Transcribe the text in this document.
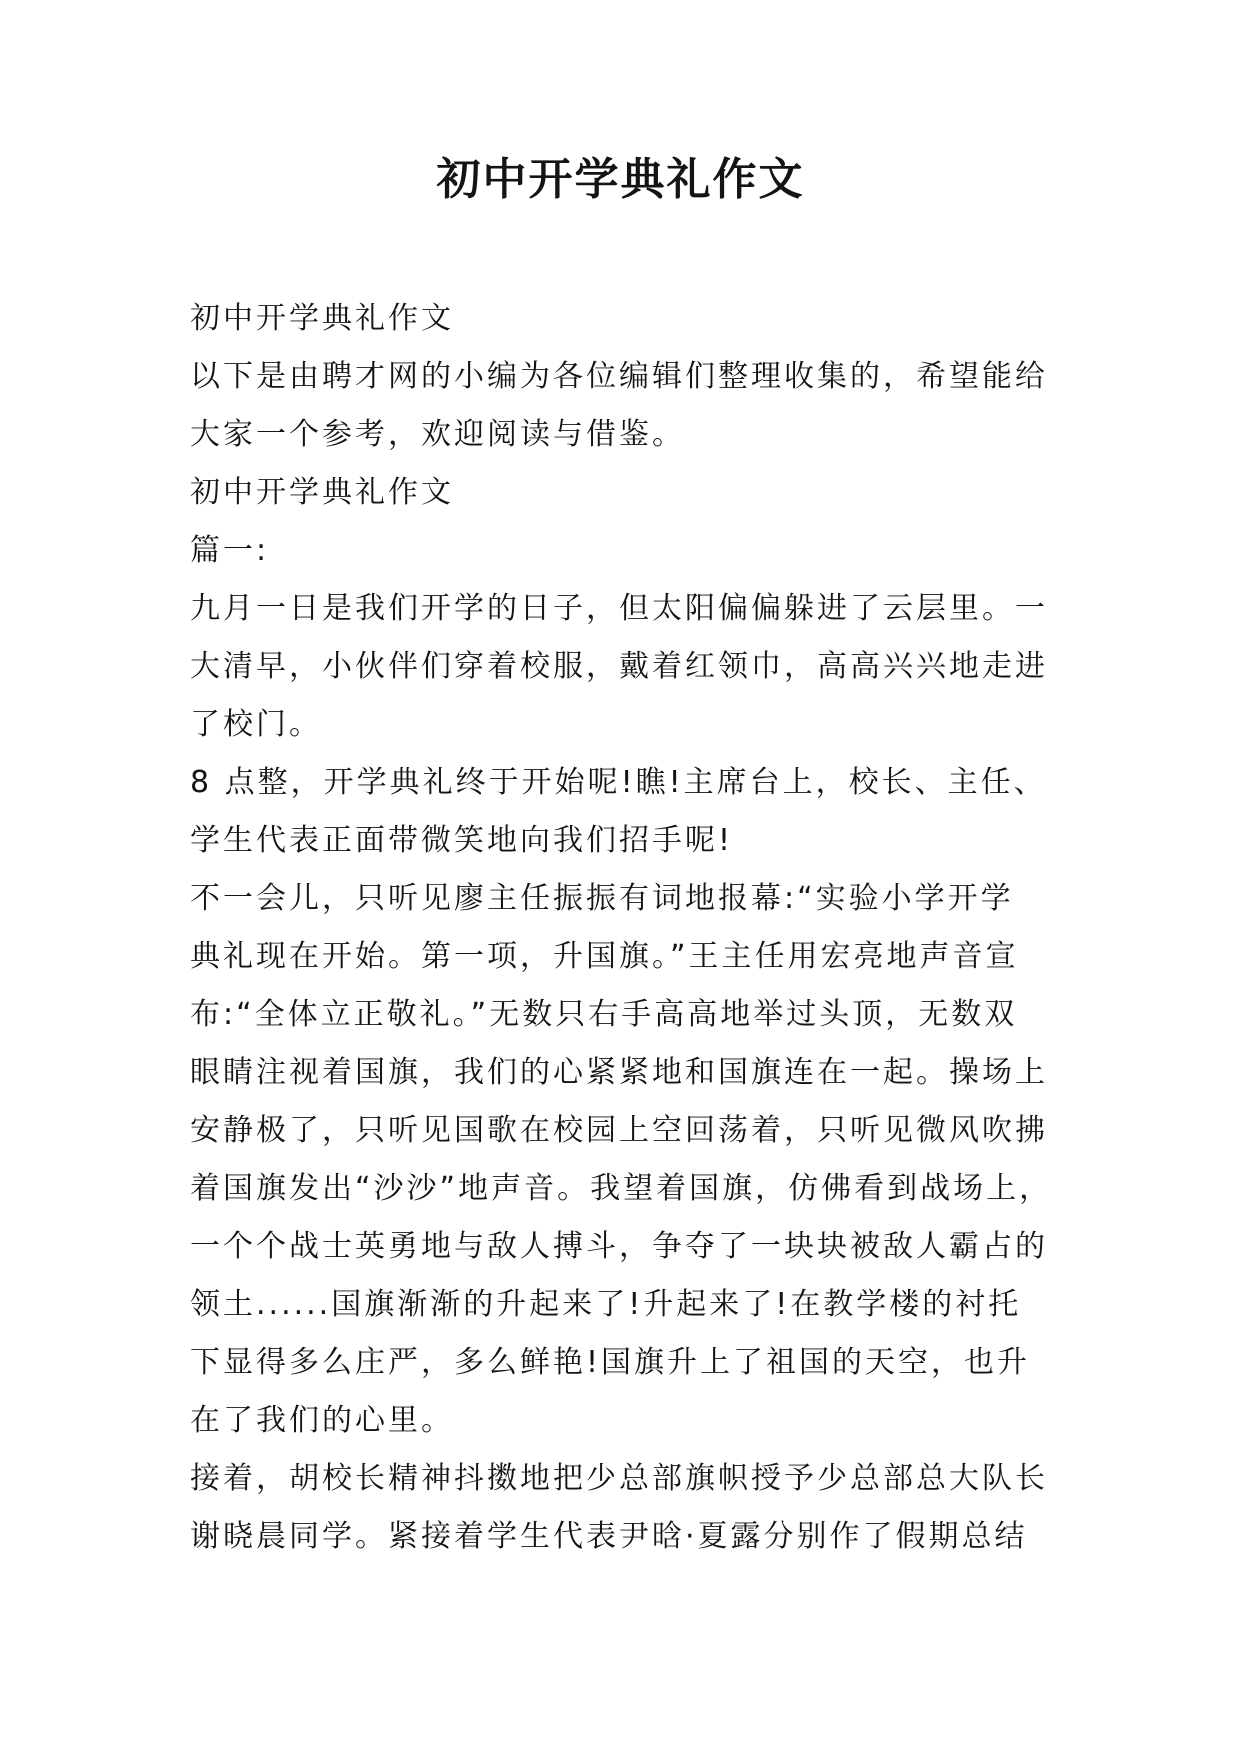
初中开学典礼作文
初中开学典礼作文
以下是由聘才网的小编为各位编辑们整理收集的，希望能给
大家一个参考，欢迎阅读与借鉴。
初中开学典礼作文
篇一:
九月一日是我们开学的日子，但太阳偏偏躲进了云层里。一
大清早，小伙伴们穿着校服，戴着红领巾，高高兴兴地走进
了校门。
8 点整，开学典礼终于开始呢!瞧!主席台上，校长、主任、
学生代表正面带微笑地向我们招手呢!
不一会儿，只听见廖主任振振有词地报幕:“实验小学开学
典礼现在开始。第一项，升国旗。”王主任用宏亮地声音宣
布:“全体立正敬礼。”无数只右手高高地举过头顶，无数双
眼睛注视着国旗，我们的心紧紧地和国旗连在一起。操场上
安静极了，只听见国歌在校园上空回荡着，只听见微风吹拂
着国旗发出“沙沙”地声音。我望着国旗，仿佛看到战场上，
一个个战士英勇地与敌人搏斗，争夺了一块块被敌人霸占的
领土......国旗渐渐的升起来了!升起来了!在教学楼的衬托
下显得多么庄严，多么鲜艳!国旗升上了祖国的天空，也升
在了我们的心里。
接着，胡校长精神抖擞地把少总部旗帜授予少总部总大队长
谢晓晨同学。紧接着学生代表尹晗·夏露分别作了假期总结
